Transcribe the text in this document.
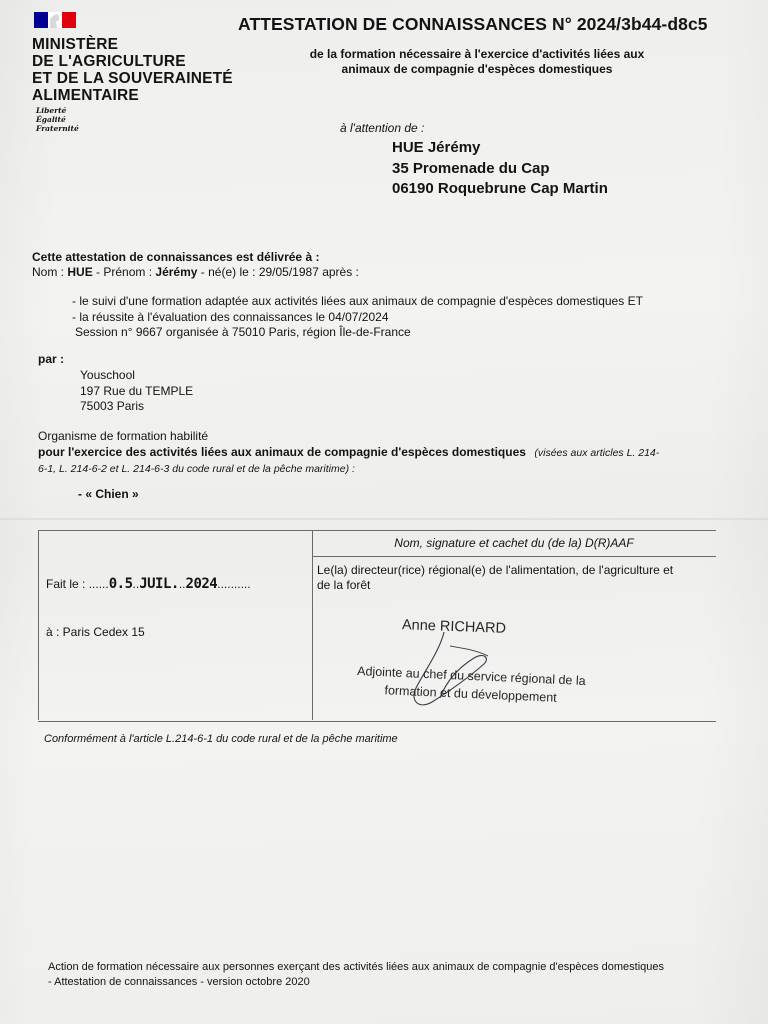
MINISTÈRE
DE L'AGRICULTURE
ET DE LA SOUVERAINETÉ
ALIMENTAIRE
Liberté
Égalité
Fraternité
ATTESTATION DE CONNAISSANCES N° 2024/3b44-d8c5
de la formation nécessaire à l'exercice d'activités liées aux
animaux de compagnie d'espèces domestiques
à l'attention de :
HUE Jérémy
35 Promenade du Cap
06190 Roquebrune Cap Martin
Cette attestation de connaissances est délivrée à :
Nom : HUE - Prénom : Jérémy - né(e) le : 29/05/1987 après :
- le suivi d'une formation adaptée aux activités liées aux animaux de compagnie d'espèces domestiques ET
- la réussite à l'évaluation des connaissances le 04/07/2024
Session n° 9667 organisée à 75010 Paris, région Île-de-France
par :
Youschool
197 Rue du TEMPLE
75003 Paris
Organisme de formation habilité
pour l'exercice des activités liées aux animaux de compagnie d'espèces domestiques (visées aux articles L. 214-
6-1, L. 214-6-2 et L. 214-6-3 du code rural et de la pêche maritime) :
- « Chien »
Nom, signature et cachet du (de la) D(R)AAF
Fait le : ......0.5..JUIL...2024..........
à : Paris Cedex 15
Le(la) directeur(rice) régional(e) de l'alimentation, de l'agriculture et
de la forêt
Anne RICHARD
Adjointe au chef du service régional de la
formation et du développement
Conformément à l'article L.214-6-1 du code rural et de la pêche maritime
Action de formation nécessaire aux personnes exerçant des activités liées aux animaux de compagnie d'espèces domestiques
- Attestation de connaissances - version octobre 2020
